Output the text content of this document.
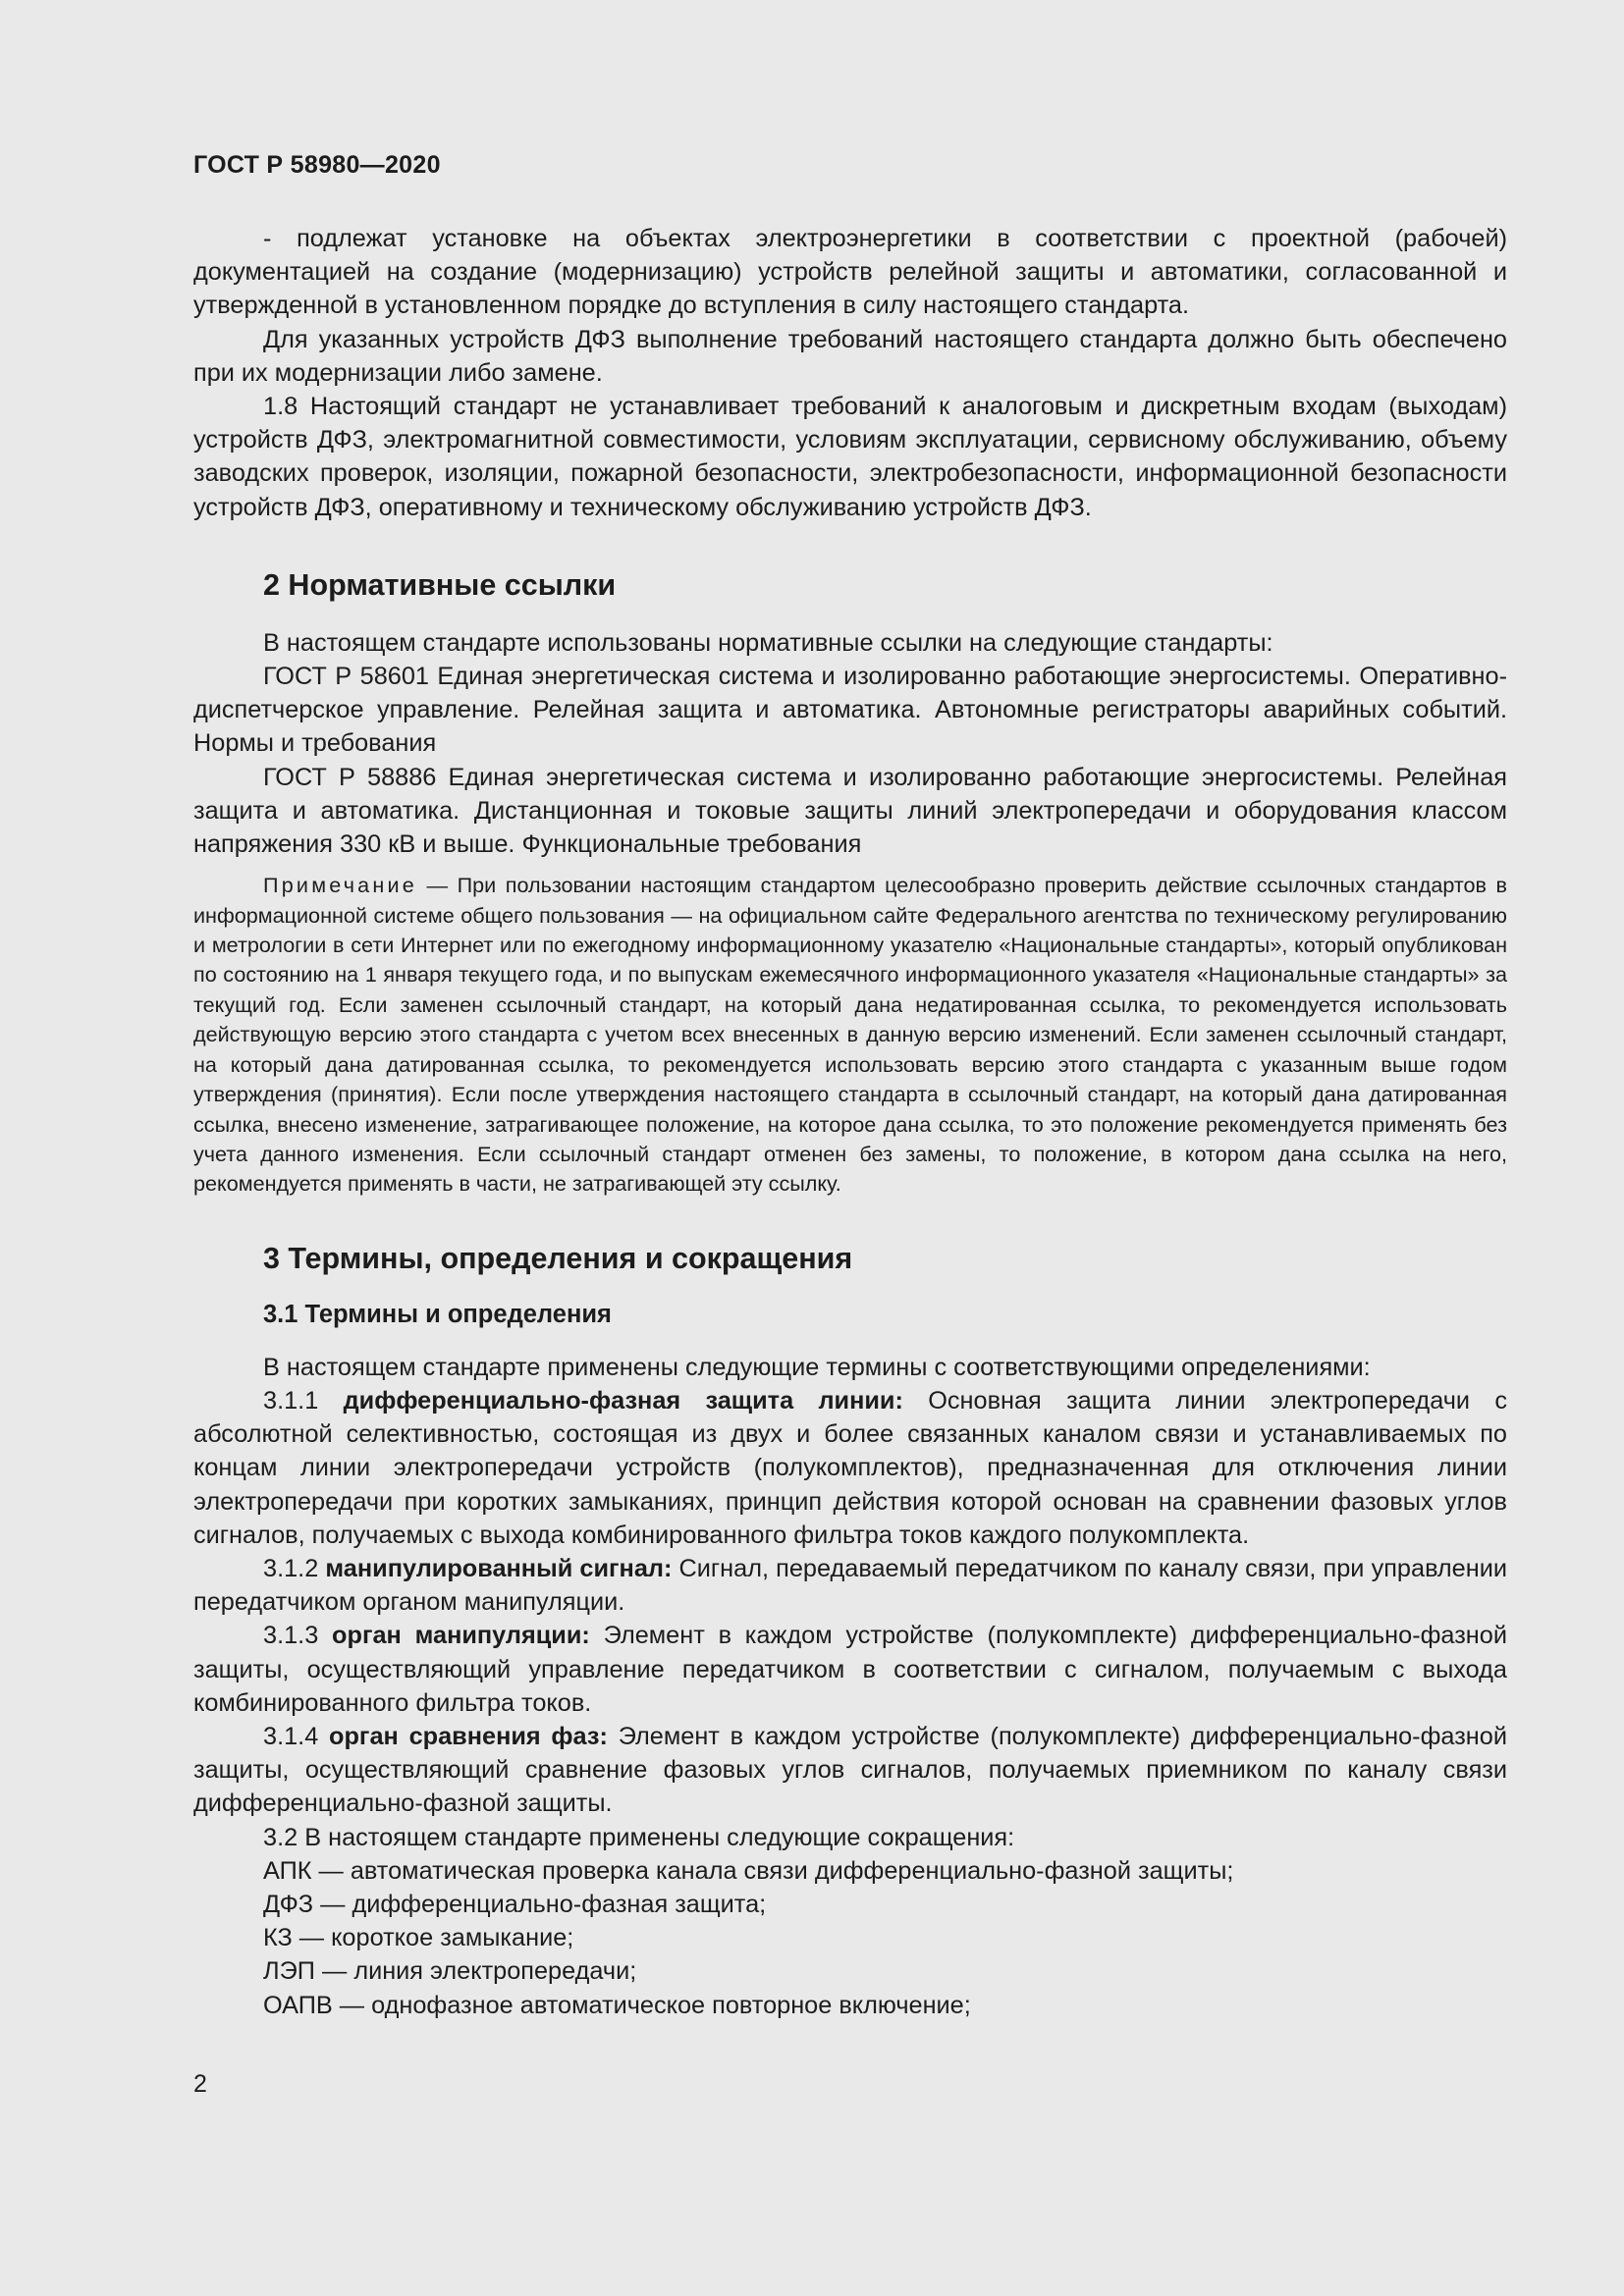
ГОСТ Р 58980—2020

- подлежат установке на объектах электроэнергетики в соответствии с проектной (рабочей) документацией на создание (модернизацию) устройств релейной защиты и автоматики, согласованной и утвержденной в установленном порядке до вступления в силу настоящего стандарта.

Для указанных устройств ДФЗ выполнение требований настоящего стандарта должно быть обеспечено при их модернизации либо замене.

1.8 Настоящий стандарт не устанавливает требований к аналоговым и дискретным входам (выходам) устройств ДФЗ, электромагнитной совместимости, условиям эксплуатации, сервисному обслуживанию, объему заводских проверок, изоляции, пожарной безопасности, электробезопасности, информационной безопасности устройств ДФЗ, оперативному и техническому обслуживанию устройств ДФЗ.

2 Нормативные ссылки

В настоящем стандарте использованы нормативные ссылки на следующие стандарты:

ГОСТ Р 58601 Единая энергетическая система и изолированно работающие энергосистемы. Оперативно-диспетчерское управление. Релейная защита и автоматика. Автономные регистраторы аварийных событий. Нормы и требования

ГОСТ Р 58886 Единая энергетическая система и изолированно работающие энергосистемы. Релейная защита и автоматика. Дистанционная и токовые защиты линий электропередачи и оборудования классом напряжения 330 кВ и выше. Функциональные требования

Примечание — При пользовании настоящим стандартом целесообразно проверить действие ссылочных стандартов в информационной системе общего пользования — на официальном сайте Федерального агентства по техническому регулированию и метрологии в сети Интернет или по ежегодному информационному указателю «Национальные стандарты», который опубликован по состоянию на 1 января текущего года, и по выпускам ежемесячного информационного указателя «Национальные стандарты» за текущий год. Если заменен ссылочный стандарт, на который дана недатированная ссылка, то рекомендуется использовать действующую версию этого стандарта с учетом всех внесенных в данную версию изменений. Если заменен ссылочный стандарт, на который дана датированная ссылка, то рекомендуется использовать версию этого стандарта с указанным выше годом утверждения (принятия). Если после утверждения настоящего стандарта в ссылочный стандарт, на который дана датированная ссылка, внесено изменение, затрагивающее положение, на которое дана ссылка, то это положение рекомендуется применять без учета данного изменения. Если ссылочный стандарт отменен без замены, то положение, в котором дана ссылка на него, рекомендуется применять в части, не затрагивающей эту ссылку.

3 Термины, определения и сокращения
3.1 Термины и определения

В настоящем стандарте применены следующие термины с соответствующими определениями:

3.1.1 дифференциально-фазная защита линии: Основная защита линии электропередачи с абсолютной селективностью, состоящая из двух и более связанных каналом связи и устанавливаемых по концам линии электропередачи устройств (полукомплектов), предназначенная для отключения линии электропередачи при коротких замыканиях, принцип действия которой основан на сравнении фазовых углов сигналов, получаемых с выхода комбинированного фильтра токов каждого полукомплекта.

3.1.2 манипулированный сигнал: Сигнал, передаваемый передатчиком по каналу связи, при управлении передатчиком органом манипуляции.

3.1.3 орган манипуляции: Элемент в каждом устройстве (полукомплекте) дифференциально-фазной защиты, осуществляющий управление передатчиком в соответствии с сигналом, получаемым с выхода комбинированного фильтра токов.

3.1.4 орган сравнения фаз: Элемент в каждом устройстве (полукомплекте) дифференциально-фазной защиты, осуществляющий сравнение фазовых углов сигналов, получаемых приемником по каналу связи дифференциально-фазной защиты.

3.2 В настоящем стандарте применены следующие сокращения:

АПК — автоматическая проверка канала связи дифференциально-фазной защиты;

ДФЗ — дифференциально-фазная защита;

КЗ — короткое замыкание;

ЛЭП — линия электропередачи;

ОАПВ — однофазное автоматическое повторное включение;

2
